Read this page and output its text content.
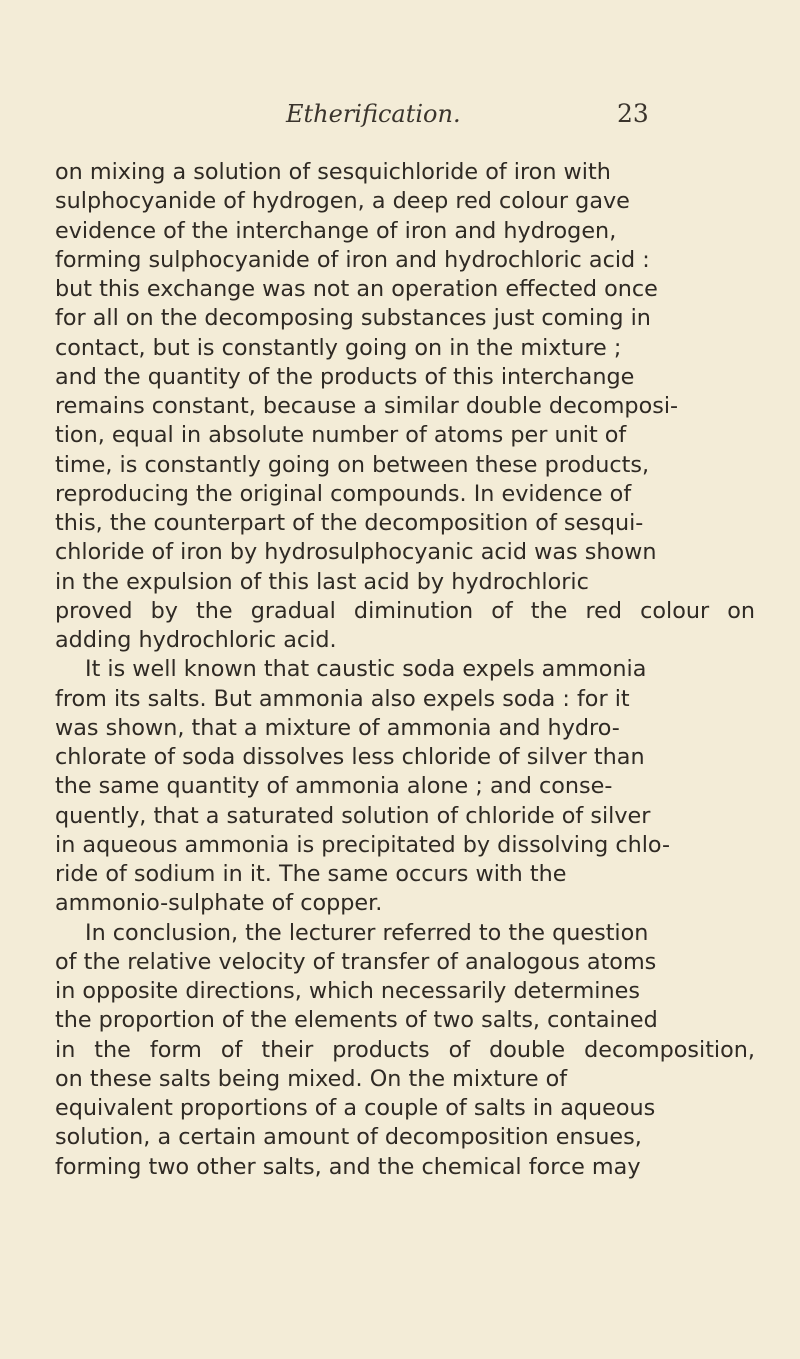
Etherification.	23
on mixing a solution of sesquichloride of iron with
sulphocyanide of hydrogen, a deep red colour gave
evidence of the interchange of iron and hydrogen,
forming sulphocyanide of iron and hydrochloric acid :
but this exchange was not an operation effected once
for all on the decomposing substances just coming in
contact, but is constantly going on in the mixture ;
and the quantity of the products of this interchange
remains constant, because a similar double decomposi-
tion, equal in absolute number of atoms per unit of
time, is constantly going on between these products,
reproducing the original compounds. In evidence of
this, the counterpart of the decomposition of sesqui-
chloride of iron by hydrosulphocyanic acid was shown
in the expulsion of this last acid by hydrochloric
proved by the gradual diminution of the red colour on
adding hydrochloric acid.
It is well known that caustic soda expels ammonia
from its salts. But ammonia also expels soda : for it
was shown, that a mixture of ammonia and hydro-
chlorate of soda dissolves less chloride of silver than
the same quantity of ammonia alone ; and conse-
quently, that a saturated solution of chloride of silver
in aqueous ammonia is precipitated by dissolving chlo-
ride of sodium in it. The same occurs with the
ammonio-sulphate of copper.
In conclusion, the lecturer referred to the question
of the relative velocity of transfer of analogous atoms
in opposite directions, which necessarily determines
the proportion of the elements of two salts, contained
in the form of their products of double decomposition,
on these salts being mixed. On the mixture of
equivalent proportions of a couple of salts in aqueous
solution, a certain amount of decomposition ensues,
forming two other salts, and the chemical force may
